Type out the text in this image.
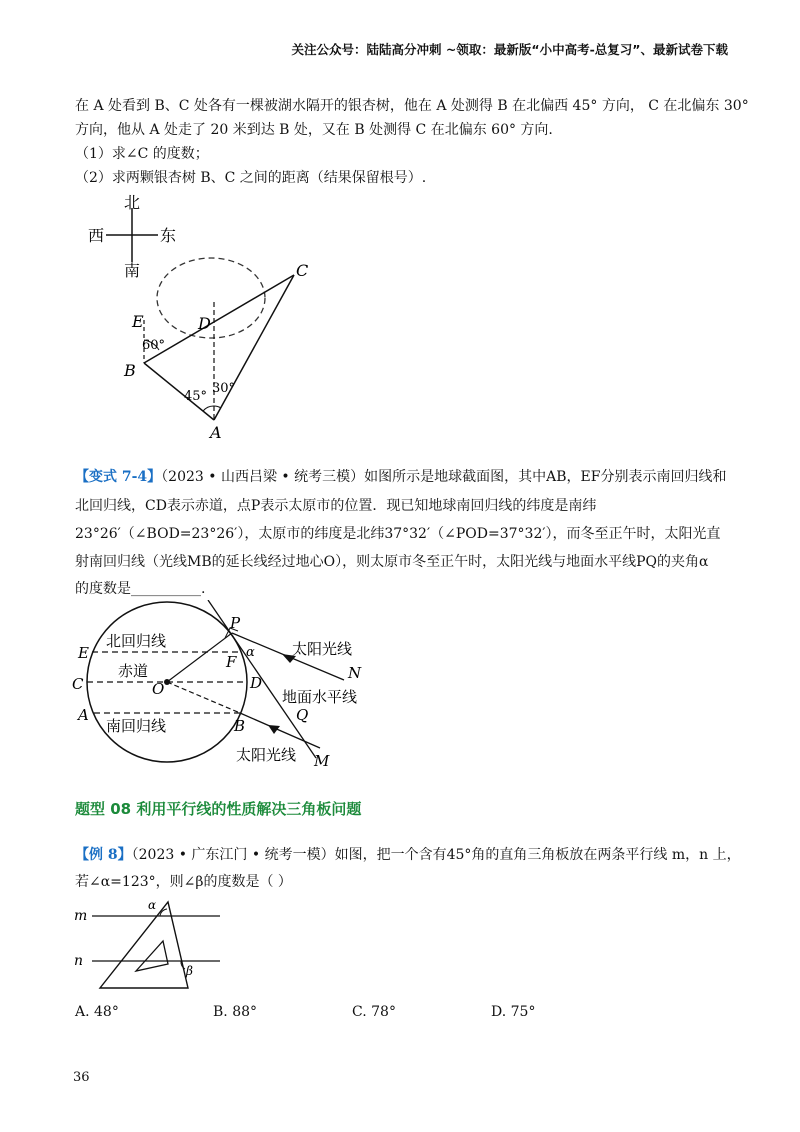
关注公众号：陆陆高分冲刺 ~领取：最新版“小中高考-总复习”、最新试卷下载
在 A 处看到 B、C 处各有一棵被湖水隔开的银杏树，他在 A 处测得 B 在北偏西 45° 方向， C 在北偏东 30°
方向，他从 A 处走了 20 米到达 B 处，又在 B 处测得 C 在北偏东 60° 方向.
（1）求∠C 的度数；
（2）求两颗银杏树 B、C 之间的距离（结果保留根号）.
北
西	东
南	C
E	D
B
A
60°
45°
30°
【变式 7-4】（2023 • 山西吕梁 • 统考三模）如图所示是地球截面图，其中AB，EF分别表示南回归线和
北回归线，CD表示赤道，点P表示太原市的位置．现已知地球南回归线的纬度是南纬
23°26′（∠BOD=23°26′），太原市的纬度是北纬37°32′（∠POD=37°32′），而冬至正午时，太阳光直
射南回归线（光线MB的延长线经过地心O），则太原市冬至正午时，太阳光线与地面水平线PQ的夹角α
的度数是__________.
E
C
A
P
F
α
N
O	D
Q
B
M
北回归线
赤道
南回归线
太阳光线
地面水平线
太阳光线
题型 08 利用平行线的性质解决三角板问题
【例 8】（2023 • 广东江门 • 统考一模）如图，把一个含有45°角的直角三角板放在两条平行线 m，n 上，
若∠α=123°，则∠β的度数是（ ）
m
n
α
β
A. 48°	B. 88°	C. 78°	D. 75°
36
